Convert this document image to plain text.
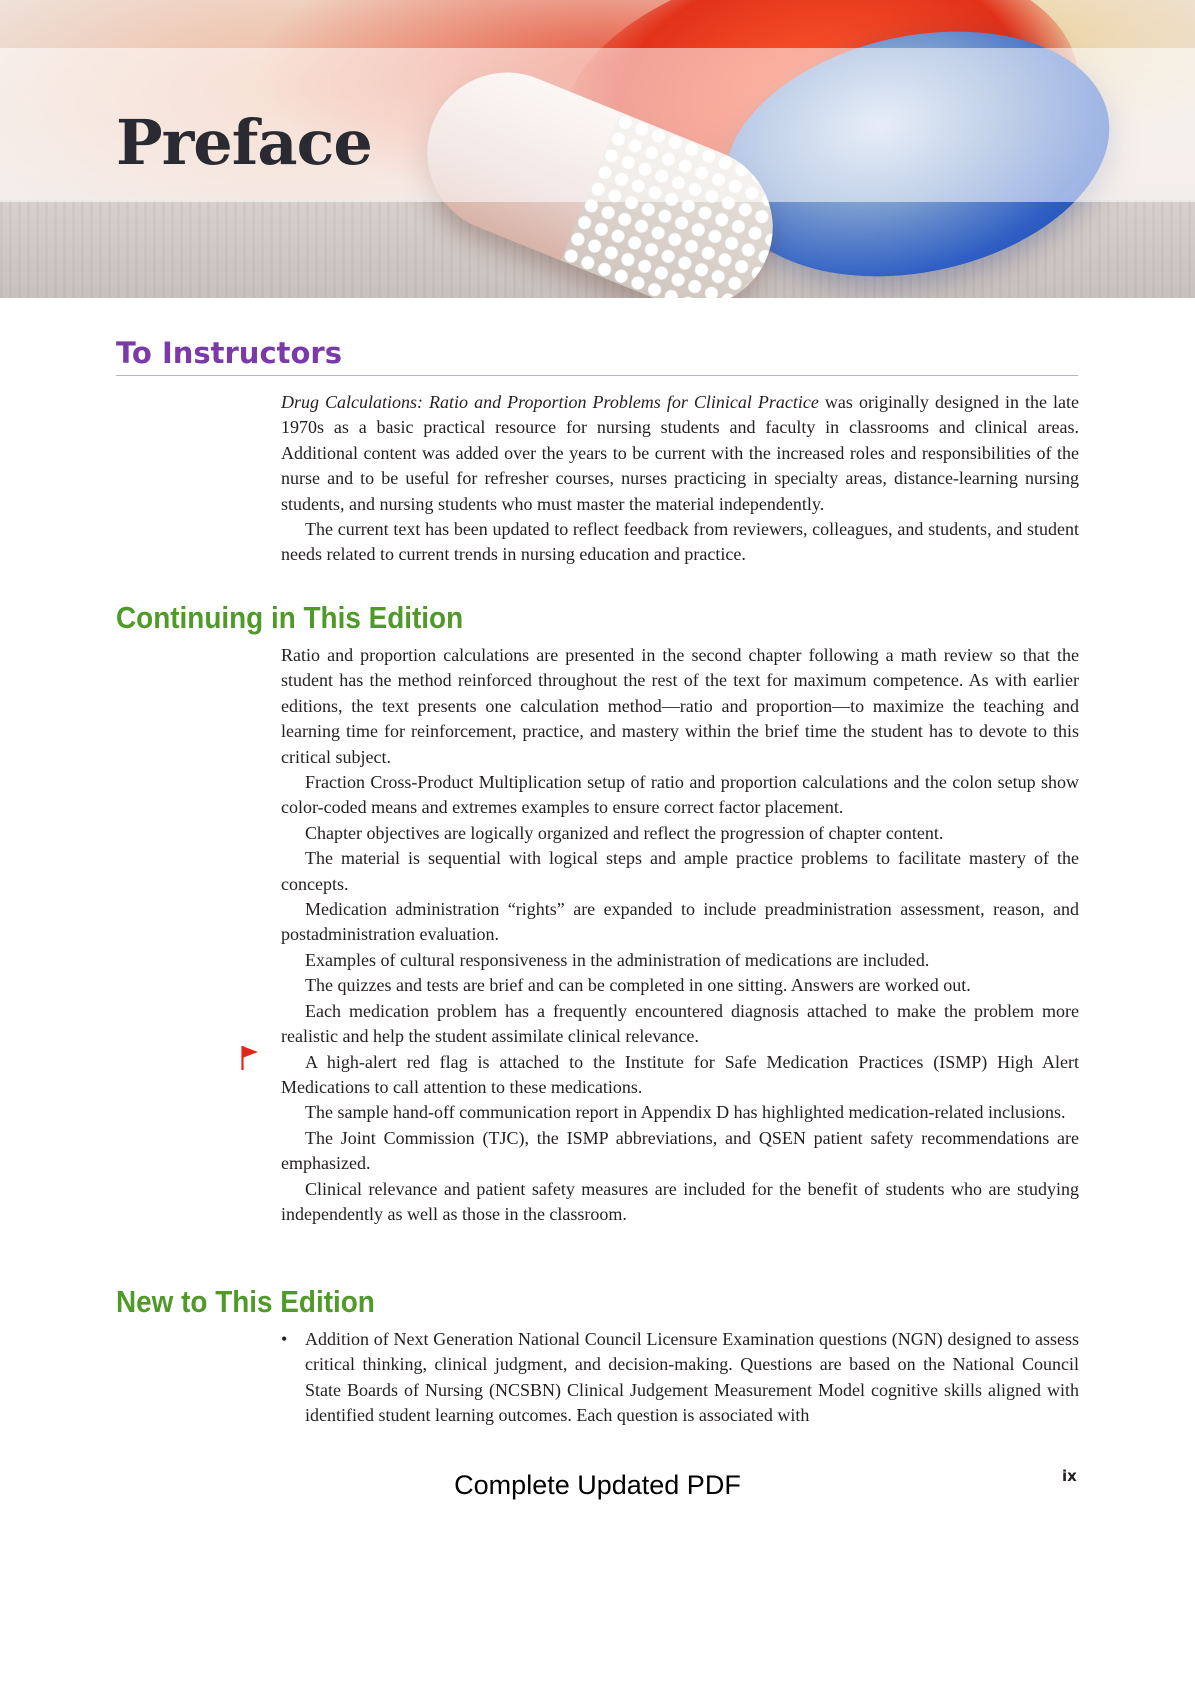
Preface
To Instructors

Drug Calculations: Ratio and Proportion Problems for Clinical Practice was originally designed in the late 1970s as a basic practical resource for nursing students and faculty in classrooms and clinical areas. Additional content was added over the years to be current with the increased roles and responsibilities of the nurse and to be useful for refresher courses, nurses practicing in specialty areas, distance-learning nursing students, and nursing students who must master the material independently.

The current text has been updated to reflect feedback from reviewers, colleagues, and students, and student needs related to current trends in nursing education and practice.

Continuing in This Edition

Ratio and proportion calculations are presented in the second chapter following a math review so that the student has the method reinforced throughout the rest of the text for maximum competence. As with earlier editions, the text presents one calculation method—ratio and proportion—to maximize the teaching and learning time for reinforcement, practice, and mastery within the brief time the student has to devote to this critical subject.

Fraction Cross-Product Multiplication setup of ratio and proportion calculations and the colon setup show color-coded means and extremes examples to ensure correct factor placement.

Chapter objectives are logically organized and reflect the progression of chapter content.

The material is sequential with logical steps and ample practice problems to facilitate mastery of the concepts.

Medication administration “rights” are expanded to include preadministration assessment, reason, and postadministration evaluation.

Examples of cultural responsiveness in the administration of medications are included.

The quizzes and tests are brief and can be completed in one sitting. Answers are worked out.

Each medication problem has a frequently encountered diagnosis attached to make the problem more realistic and help the student assimilate clinical relevance.

A high-alert red flag is attached to the Institute for Safe Medication Practices (ISMP) High Alert Medications to call attention to these medications.

The sample hand-off communication report in Appendix D has highlighted medication-related inclusions.

The Joint Commission (TJC), the ISMP abbreviations, and QSEN patient safety recommendations are emphasized.

Clinical relevance and patient safety measures are included for the benefit of students who are studying independently as well as those in the classroom.

New to This Edition
• Addition of Next Generation National Council Licensure Examination questions (NGN) designed to assess critical thinking, clinical judgment, and decision-making. Questions are based on the National Council State Boards of Nursing (NCSBN) Clinical Judgement Measurement Model cognitive skills aligned with identified student learning outcomes. Each question is associated with

Complete Updated PDF	ix
